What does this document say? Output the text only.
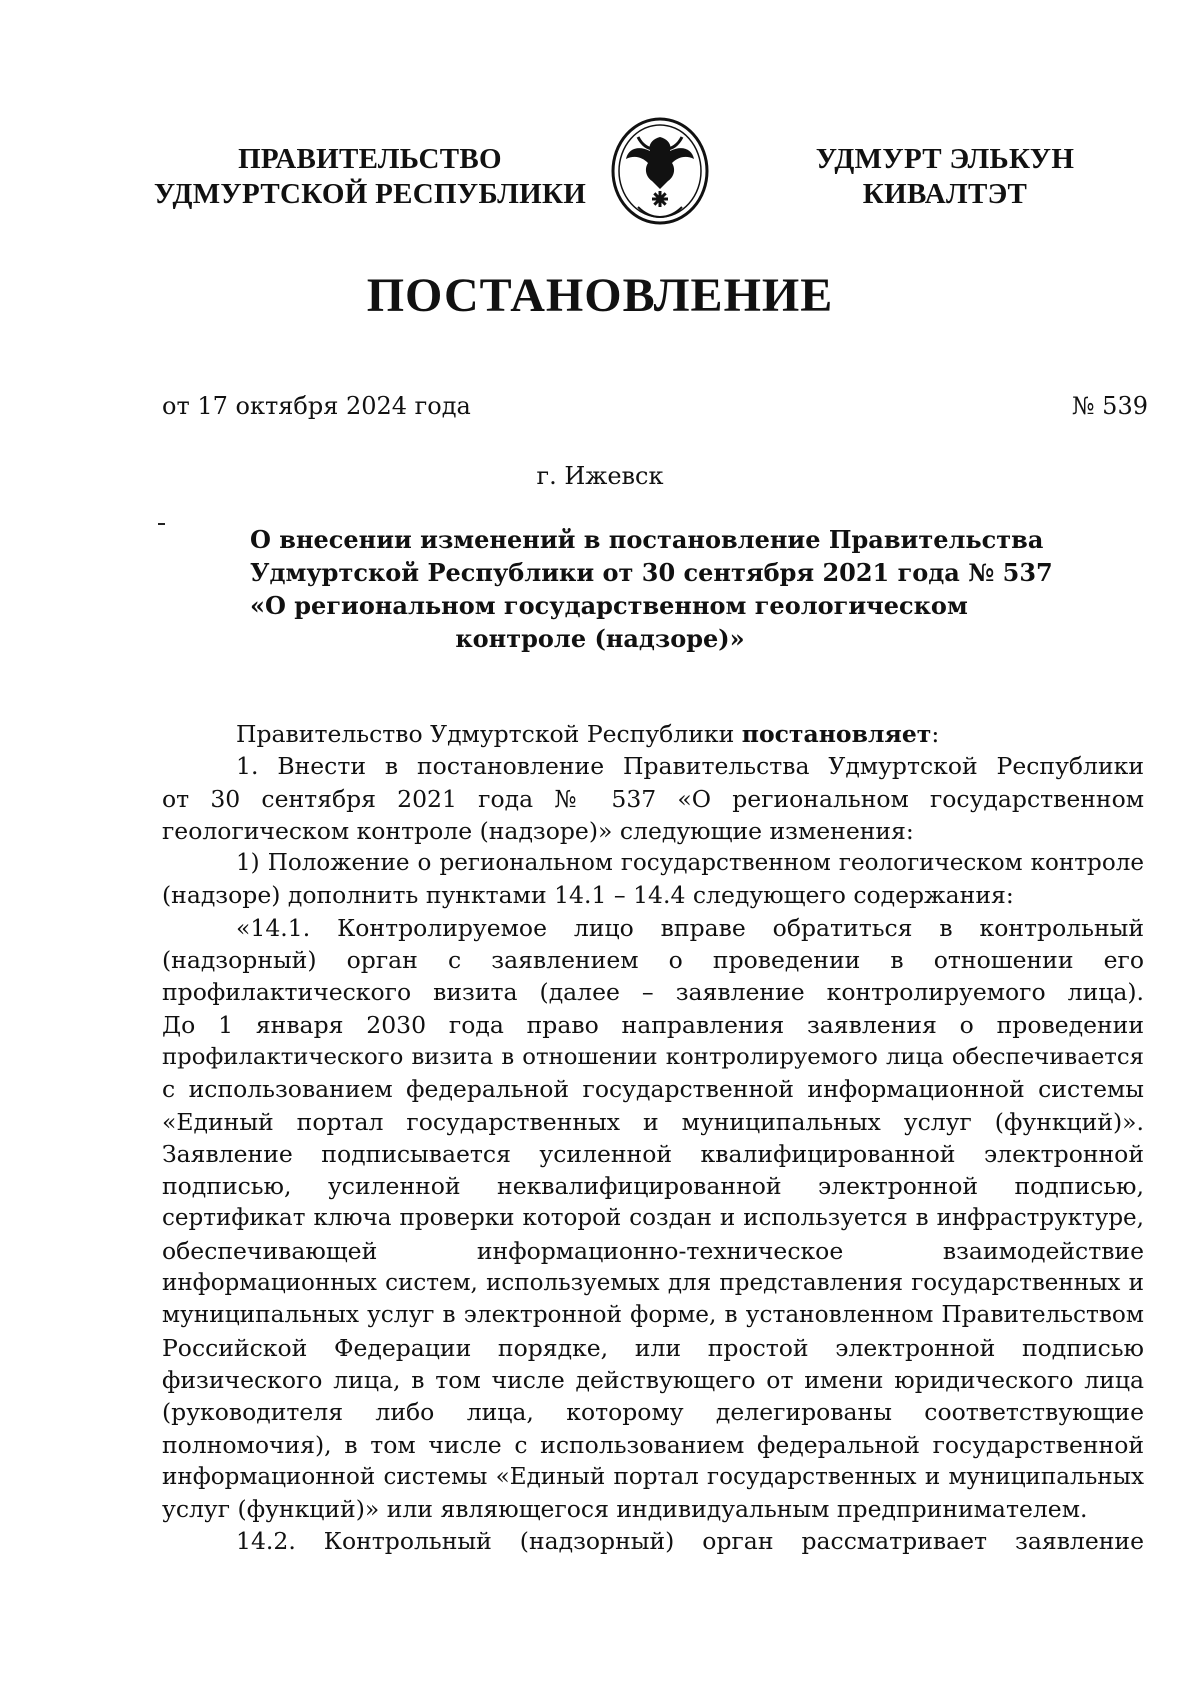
ПРАВИТЕЛЬСТВО
УДМУРТСКОЙ РЕСПУБЛИКИ
УДМУРТ ЭЛЬКУН
КИВАЛТЭТ
ПОСТАНОВЛЕНИЕ
от 17 октября 2024 года	№ 539
г. Ижевск
О внесении изменений в постановление Правительства
Удмуртской Республики от 30 сентября 2021 года № 537
«О региональном государственном геологическом
контроле (надзоре)»
Правительство Удмуртской Республики постановляет:
1. Внести в постановление Правительства Удмуртской Республики
от 30 сентября 2021 года № 537 «О региональном государственном
геологическом контроле (надзоре)» следующие изменения:
1) Положение о региональном государственном геологическом контроле
(надзоре) дополнить пунктами 14.1 – 14.4 следующего содержания:
«14.1. Контролируемое лицо вправе обратиться в контрольный
(надзорный) орган с заявлением о проведении в отношении его
профилактического визита (далее – заявление контролируемого лица).
До 1 января 2030 года право направления заявления о проведении
профилактического визита в отношении контролируемого лица обеспечивается
с использованием федеральной государственной информационной системы
«Единый портал государственных и муниципальных услуг (функций)».
Заявление подписывается усиленной квалифицированной электронной
подписью, усиленной неквалифицированной электронной подписью,
сертификат ключа проверки которой создан и используется в инфраструктуре,
обеспечивающей информационно-техническое взаимодействие
информационных систем, используемых для представления государственных и
муниципальных услуг в электронной форме, в установленном Правительством
Российской Федерации порядке, или простой электронной подписью
физического лица, в том числе действующего от имени юридического лица
(руководителя либо лица, которому делегированы соответствующие
полномочия), в том числе с использованием федеральной государственной
информационной системы «Единый портал государственных и муниципальных
услуг (функций)» или являющегося индивидуальным предпринимателем.
14.2. Контрольный (надзорный) орган рассматривает заявление
